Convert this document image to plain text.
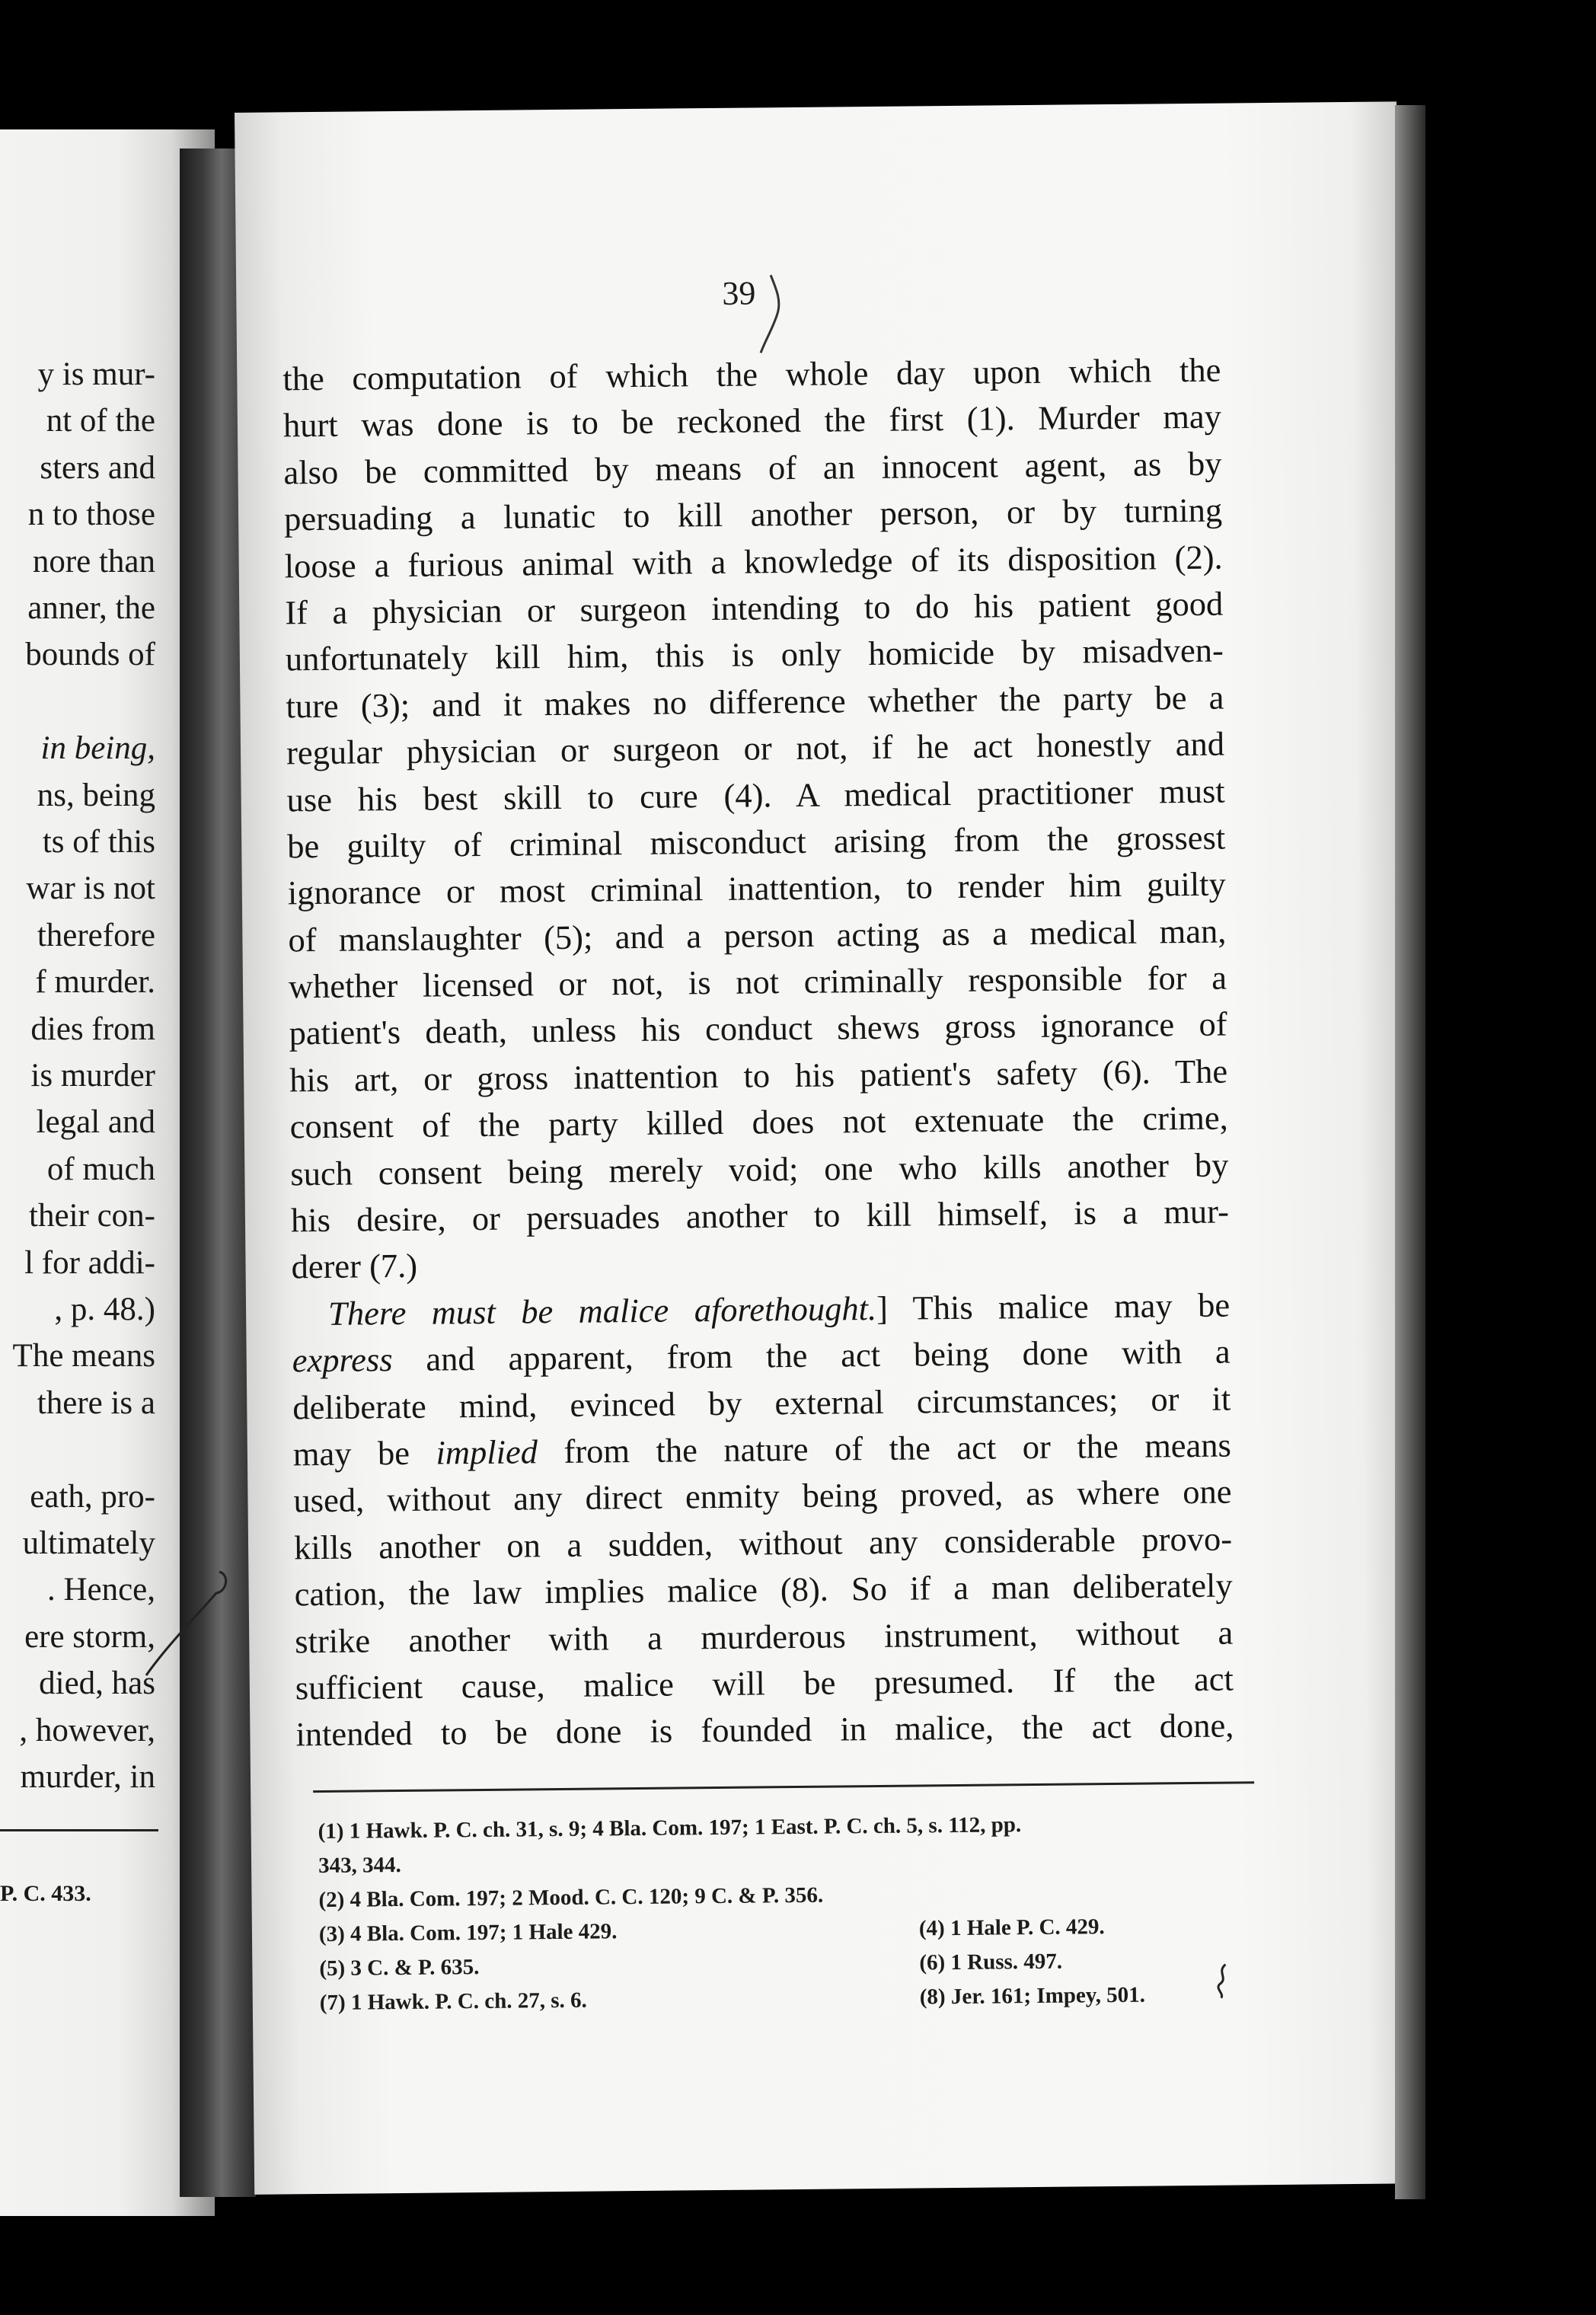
P. C. 433.
y is mur-
nt of the
sters and
n to those
nore than
anner, the
bounds of
in being,
ns, being
ts of this
war is not
therefore
f murder.
dies from
is murder
legal and
of much
their con-
l for addi-
, p. 48.)
The means
there is a
eath, pro-
ultimately
. Hence,
ere storm,
died, has
, however,
murder, in
39
the computation of which the whole day upon which the
hurt was done is to be reckoned the first (1). Murder may
also be committed by means of an innocent agent, as by
persuading a lunatic to kill another person, or by turning
loose a furious animal with a knowledge of its disposition (2).
If a physician or surgeon intending to do his patient good
unfortunately kill him, this is only homicide by misadven-
ture (3); and it makes no difference whether the party be a
regular physician or surgeon or not, if he act honestly and
use his best skill to cure (4). A medical practitioner must
be guilty of criminal misconduct arising from the grossest
ignorance or most criminal inattention, to render him guilty
of manslaughter (5); and a person acting as a medical man,
whether licensed or not, is not criminally responsible for a
patient's death, unless his conduct shews gross ignorance of
his art, or gross inattention to his patient's safety (6). The
consent of the party killed does not extenuate the crime,
such consent being merely void; one who kills another by
his desire, or persuades another to kill himself, is a mur-
derer (7.)
There must be malice aforethought.] This malice may be
express and apparent, from the act being done with a
deliberate mind, evinced by external circumstances; or it
may be implied from the nature of the act or the means
used, without any direct enmity being proved, as where one
kills another on a sudden, without any considerable provo-
cation, the law implies malice (8). So if a man deliberately
strike another with a murderous instrument, without a
sufficient cause, malice will be presumed. If the act
intended to be done is founded in malice, the act done,
(1) 1 Hawk. P. C. ch. 31, s. 9; 4 Bla. Com. 197; 1 East. P. C. ch. 5, s. 112, pp.
343, 344.
(2) 4 Bla. Com. 197; 2 Mood. C. C. 120; 9 C. & P. 356.
(3) 4 Bla. Com. 197; 1 Hale 429.	(4) 1 Hale P. C. 429.
(5) 3 C. & P. 635.	(6) 1 Russ. 497.
(7) 1 Hawk. P. C. ch. 27, s. 6.	(8) Jer. 161; Impey, 501.
